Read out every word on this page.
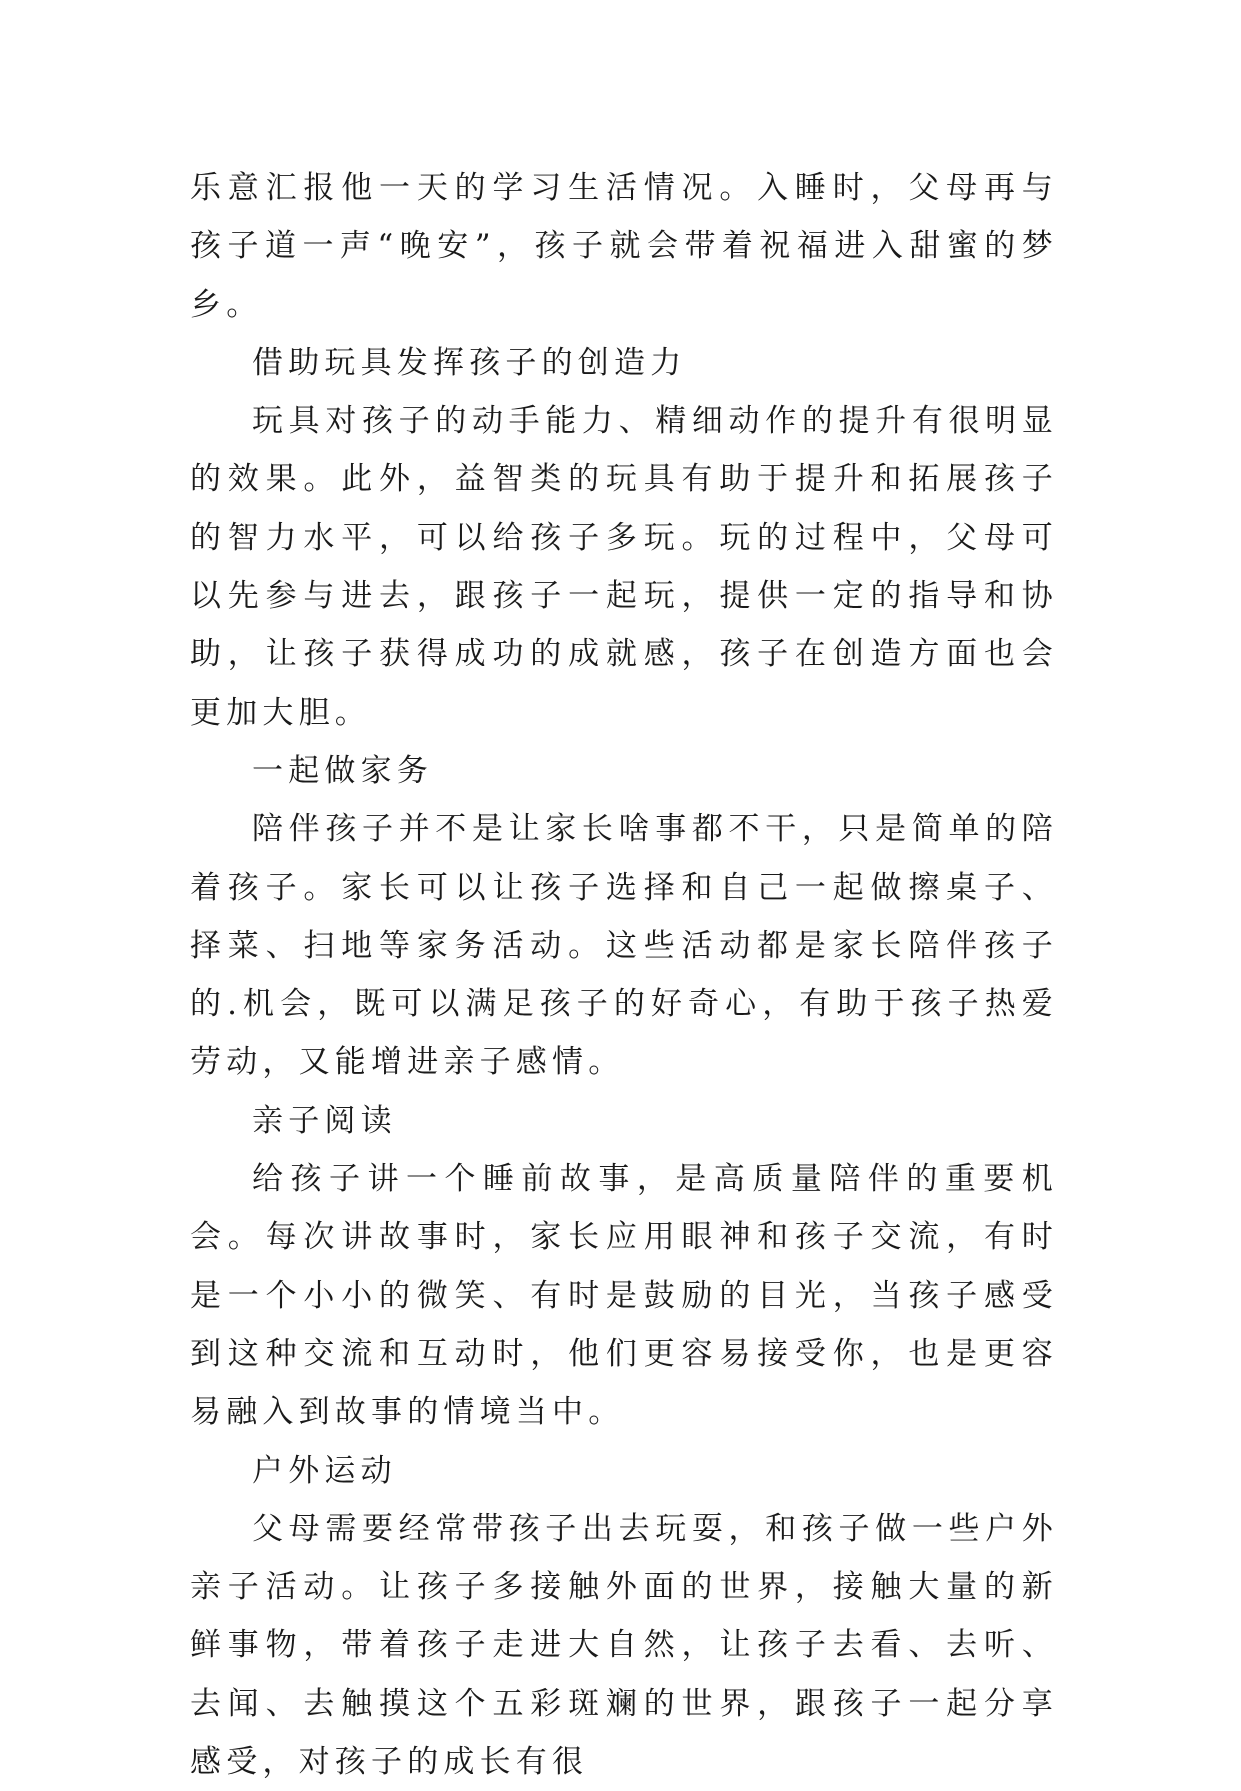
乐意汇报他一天的学习生活情况。入睡时，父母再与孩子道一声“晚安”，孩子就会带着祝福进入甜蜜的梦乡。

借助玩具发挥孩子的创造力

玩具对孩子的动手能力、精细动作的提升有很明显的效果。此外，益智类的玩具有助于提升和拓展孩子的智力水平，可以给孩子多玩。玩的过程中，父母可以先参与进去，跟孩子一起玩，提供一定的指导和协助，让孩子获得成功的成就感，孩子在创造方面也会更加大胆。

一起做家务

陪伴孩子并不是让家长啥事都不干，只是简单的陪着孩子。家长可以让孩子选择和自己一起做擦桌子、择菜、扫地等家务活动。这些活动都是家长陪伴孩子的.机会，既可以满足孩子的好奇心，有助于孩子热爱劳动，又能增进亲子感情。

亲子阅读

给孩子讲一个睡前故事，是高质量陪伴的重要机会。每次讲故事时，家长应用眼神和孩子交流，有时是一个小小的微笑、有时是鼓励的目光，当孩子感受到这种交流和互动时，他们更容易接受你，也是更容易融入到故事的情境当中。

户外运动

父母需要经常带孩子出去玩耍，和孩子做一些户外亲子活动。让孩子多接触外面的世界，接触大量的新鲜事物，带着孩子走进大自然，让孩子去看、去听、去闻、去触摸这个五彩斑斓的世界，跟孩子一起分享感受，对孩子的成长有很
